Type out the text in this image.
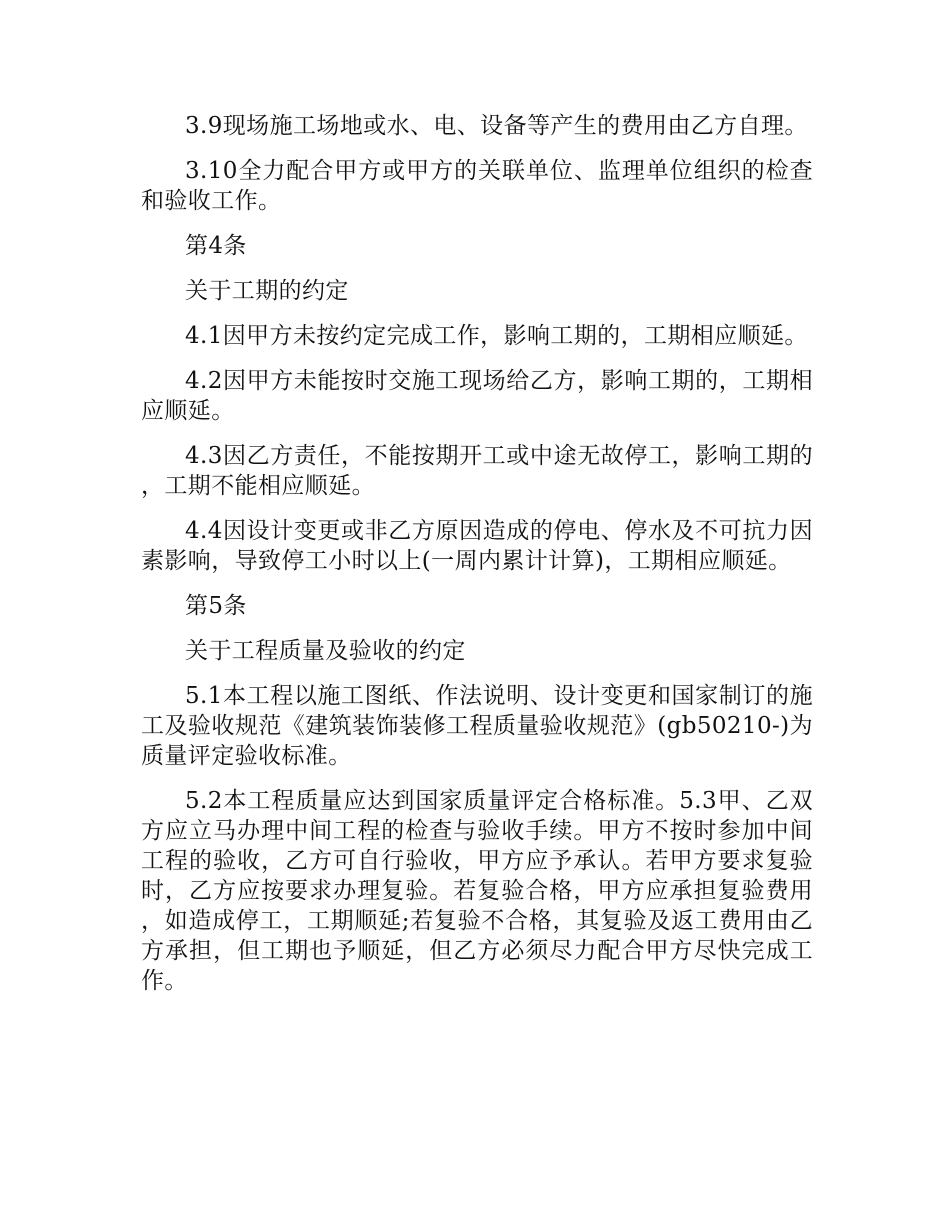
3.9现场施工场地或水、电、设备等产生的费用由乙方自理。

3.10全力配合甲方或甲方的关联单位、监理单位组织的检查和验收工作。

第4条

关于工期的约定

4.1因甲方未按约定完成工作，影响工期的，工期相应顺延。

4.2因甲方未能按时交施工现场给乙方，影响工期的，工期相应顺延。

4.3因乙方责任，不能按期开工或中途无故停工，影响工期的，工期不能相应顺延。

4.4因设计变更或非乙方原因造成的停电、停水及不可抗力因素影响，导致停工小时以上(一周内累计计算)，工期相应顺延。

第5条

关于工程质量及验收的约定

5.1本工程以施工图纸、作法说明、设计变更和国家制订的施工及验收规范《建筑装饰装修工程质量验收规范》(gb50210-)为质量评定验收标准。

5.2本工程质量应达到国家质量评定合格标准。5.3甲、乙双方应立马办理中间工程的检查与验收手续。甲方不按时参加中间工程的验收，乙方可自行验收，甲方应予承认。若甲方要求复验时，乙方应按要求办理复验。若复验合格，甲方应承担复验费用，如造成停工，工期顺延;若复验不合格，其复验及返工费用由乙方承担，但工期也予顺延，但乙方必须尽力配合甲方尽快完成工作。
